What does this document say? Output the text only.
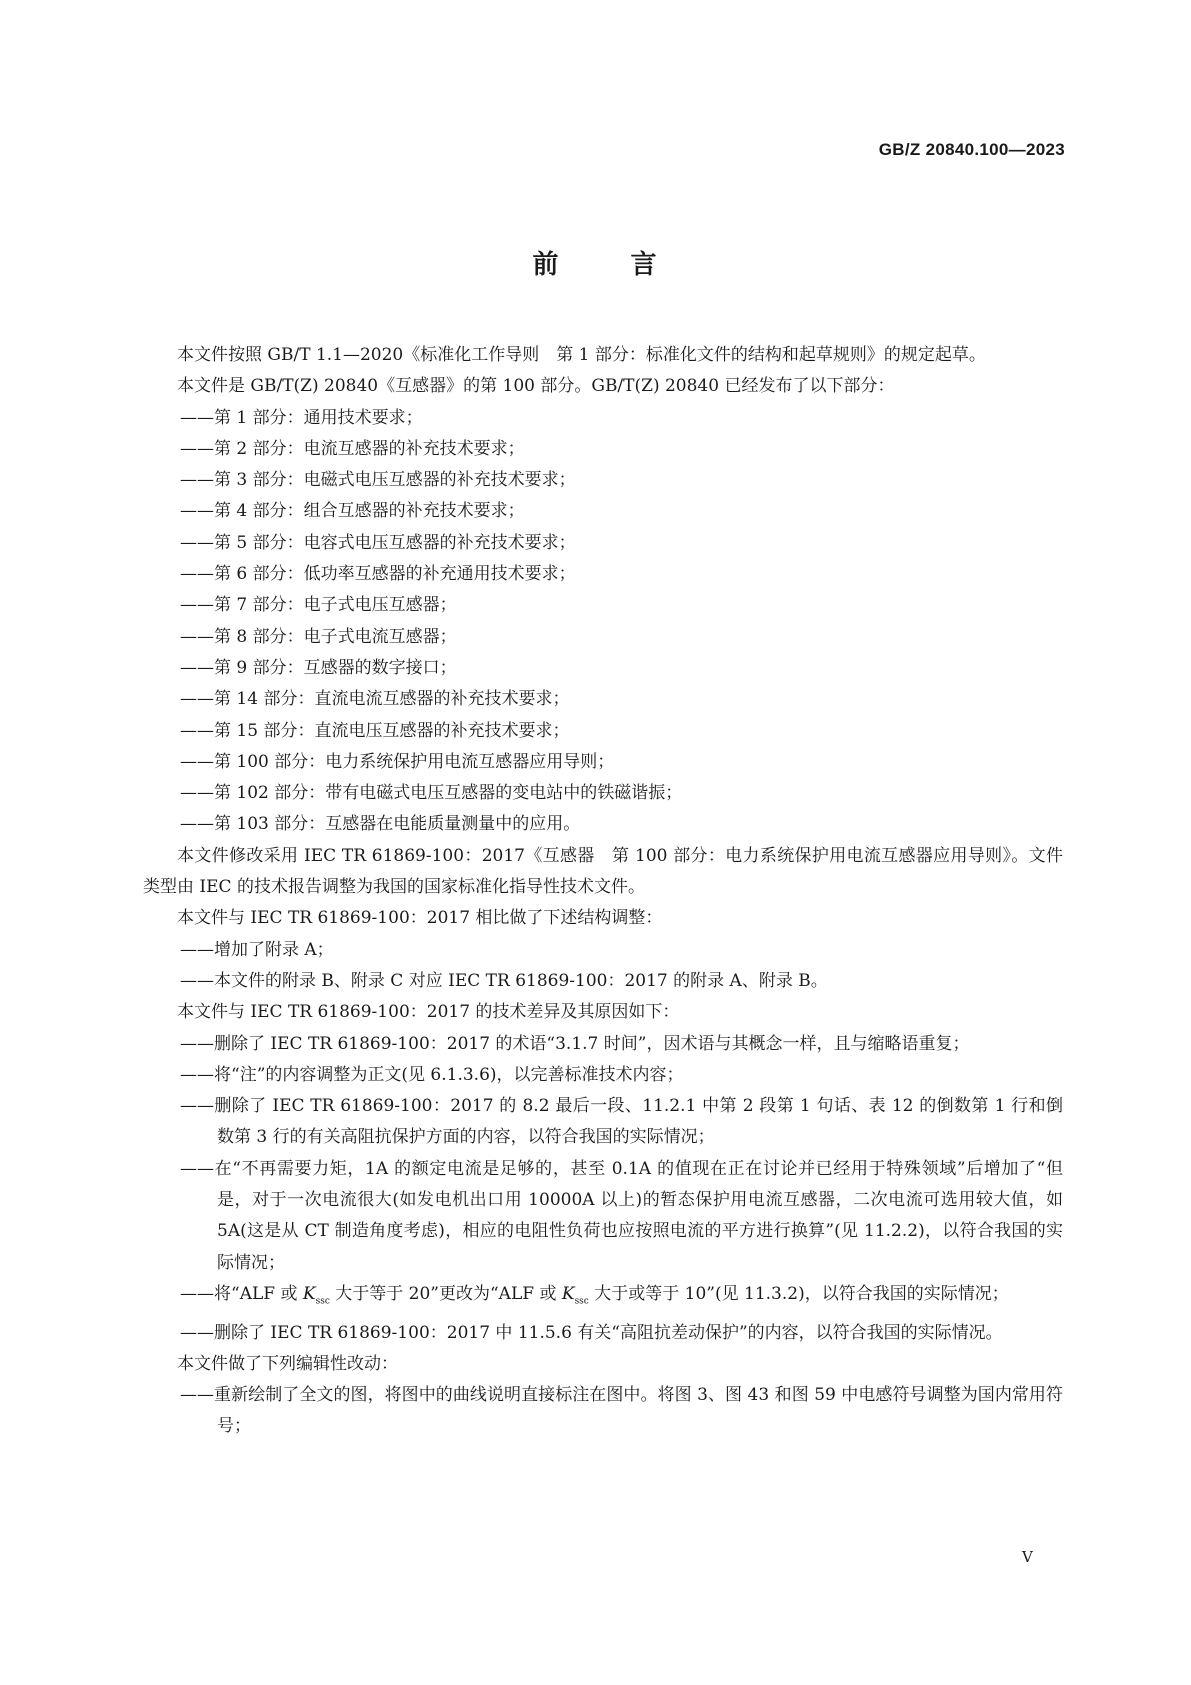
GB/Z 20840.100—2023
前	言

本文件按照 GB/T 1.1—2020《标准化工作导则　第 1 部分：标准化文件的结构和起草规则》的规定起草。

本文件是 GB/T(Z) 20840《互感器》的第 100 部分。GB/T(Z) 20840 已经发布了以下部分：

——第 1 部分：通用技术要求；

——第 2 部分：电流互感器的补充技术要求；

——第 3 部分：电磁式电压互感器的补充技术要求；

——第 4 部分：组合互感器的补充技术要求；

——第 5 部分：电容式电压互感器的补充技术要求；

——第 6 部分：低功率互感器的补充通用技术要求；

——第 7 部分：电子式电压互感器；

——第 8 部分：电子式电流互感器；

——第 9 部分：互感器的数字接口；

——第 14 部分：直流电流互感器的补充技术要求；

——第 15 部分：直流电压互感器的补充技术要求；

——第 100 部分：电力系统保护用电流互感器应用导则；

——第 102 部分：带有电磁式电压互感器的变电站中的铁磁谐振；

——第 103 部分：互感器在电能质量测量中的应用。

本文件修改采用 IEC TR 61869-100：2017《互感器　第 100 部分：电力系统保护用电流互感器应用导则》。文件类型由 IEC 的技术报告调整为我国的国家标准化指导性技术文件。

本文件与 IEC TR 61869-100：2017 相比做了下述结构调整：

——增加了附录 A；

——本文件的附录 B、附录 C 对应 IEC TR 61869-100：2017 的附录 A、附录 B。

本文件与 IEC TR 61869-100：2017 的技术差异及其原因如下：

——删除了 IEC TR 61869-100：2017 的术语“3.1.7 时间”，因术语与其概念一样，且与缩略语重复；

——将“注”的内容调整为正文(见 6.1.3.6)，以完善标准技术内容；

——删除了 IEC TR 61869-100：2017 的 8.2 最后一段、11.2.1 中第 2 段第 1 句话、表 12 的倒数第 1 行和倒数第 3 行的有关高阻抗保护方面的内容，以符合我国的实际情况；

——在“不再需要力矩，1A 的额定电流是足够的，甚至 0.1A 的值现在正在讨论并已经用于特殊领域”后增加了“但是，对于一次电流很大(如发电机出口用 10000A 以上)的暂态保护用电流互感器，二次电流可选用较大值，如 5A(这是从 CT 制造角度考虑)，相应的电阻性负荷也应按照电流的平方进行换算”(见 11.2.2)，以符合我国的实际情况；

——将“ALF 或 $K_{ssc}$ 大于等于 20”更改为“ALF 或 $K_{ssc}$ 大于或等于 10”(见 11.3.2)，以符合我国的实际情况；

——删除了 IEC TR 61869-100：2017 中 11.5.6 有关“高阻抗差动保护”的内容，以符合我国的实际情况。

本文件做了下列编辑性改动：

——重新绘制了全文的图，将图中的曲线说明直接标注在图中。将图 3、图 43 和图 59 中电感符号调整为国内常用符号；

V
